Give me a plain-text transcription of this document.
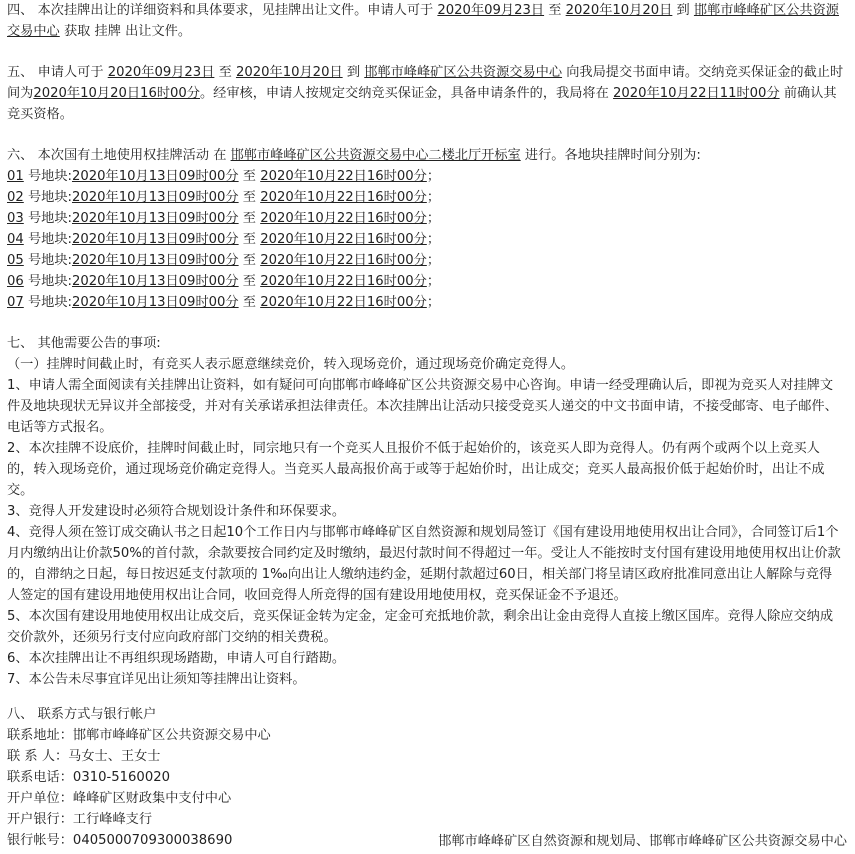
四、 本次挂牌出让的详细资料和具体要求，见挂牌出让文件。申请人可于 2020年09月23日 至 2020年10月20日 到 邯郸市峰峰矿区公共资源交易中心 获取 挂牌 出让文件。

五、 申请人可于 2020年09月23日 至 2020年10月20日 到 邯郸市峰峰矿区公共资源交易中心 向我局提交书面申请。交纳竞买保证金的截止时间为2020年10月20日16时00分。经审核，申请人按规定交纳竞买保证金，具备申请条件的，我局将在 2020年10月22日11时00分 前确认其竞买资格。

六、 本次国有土地使用权挂牌活动 在 邯郸市峰峰矿区公共资源交易中心二楼北厅开标室 进行。各地块挂牌时间分别为:

01 号地块:2020年10月13日09时00分 至 2020年10月22日16时00分；
02 号地块:2020年10月13日09时00分 至 2020年10月22日16时00分；
03 号地块:2020年10月13日09时00分 至 2020年10月22日16时00分；
04 号地块:2020年10月13日09时00分 至 2020年10月22日16时00分；
05 号地块:2020年10月13日09时00分 至 2020年10月22日16时00分；
06 号地块:2020年10月13日09时00分 至 2020年10月22日16时00分；
07 号地块:2020年10月13日09时00分 至 2020年10月22日16时00分；

七、 其他需要公告的事项:

（一）挂牌时间截止时，有竞买人表示愿意继续竞价，转入现场竞价，通过现场竞价确定竞得人。

1、申请人需全面阅读有关挂牌出让资料，如有疑问可向邯郸市峰峰矿区公共资源交易中心咨询。申请一经受理确认后，即视为竞买人对挂牌文件及地块现状无异议并全部接受，并对有关承诺承担法律责任。本次挂牌出让活动只接受竞买人递交的中文书面申请，不接受邮寄、电子邮件、电话等方式报名。

2、本次挂牌不设底价，挂牌时间截止时，同宗地只有一个竞买人且报价不低于起始价的，该竞买人即为竞得人。仍有两个或两个以上竞买人的，转入现场竞价，通过现场竞价确定竞得人。当竞买人最高报价高于或等于起始价时，出让成交；竞买人最高报价低于起始价时，出让不成交。

3、竞得人开发建设时必须符合规划设计条件和环保要求。

4、竞得人须在签订成交确认书之日起10个工作日内与邯郸市峰峰矿区自然资源和规划局签订《国有建设用地使用权出让合同》，合同签订后1个月内缴纳出让价款50%的首付款，余款要按合同约定及时缴纳，最迟付款时间不得超过一年。受让人不能按时支付国有建设用地使用权出让价款的，自滞纳之日起，每日按迟延支付款项的 1‰向出让人缴纳违约金，延期付款超过60日，相关部门将呈请区政府批准同意出让人解除与竞得人签定的国有建设用地使用权出让合同，收回竞得人所竞得的国有建设用地使用权，竞买保证金不予退还。

5、本次国有建设用地使用权出让成交后，竞买保证金转为定金，定金可充抵地价款，剩余出让金由竞得人直接上缴区国库。竞得人除应交纳成交价款外，还须另行支付应向政府部门交纳的相关费税。

6、本次挂牌出让不再组织现场踏勘，申请人可自行踏勘。

7、本公告未尽事宜详见出让须知等挂牌出让资料。

八、 联系方式与银行帐户

联系地址：邯郸市峰峰矿区公共资源交易中心

联 系 人：马女士、王女士

联系电话：0310-5160020

开户单位：峰峰矿区财政集中支付中心

开户银行：工行峰峰支行

银行帐号：0405000709300038690	邯郸市峰峰矿区自然资源和规划局、邯郸市峰峰矿区公共资源交易中心
